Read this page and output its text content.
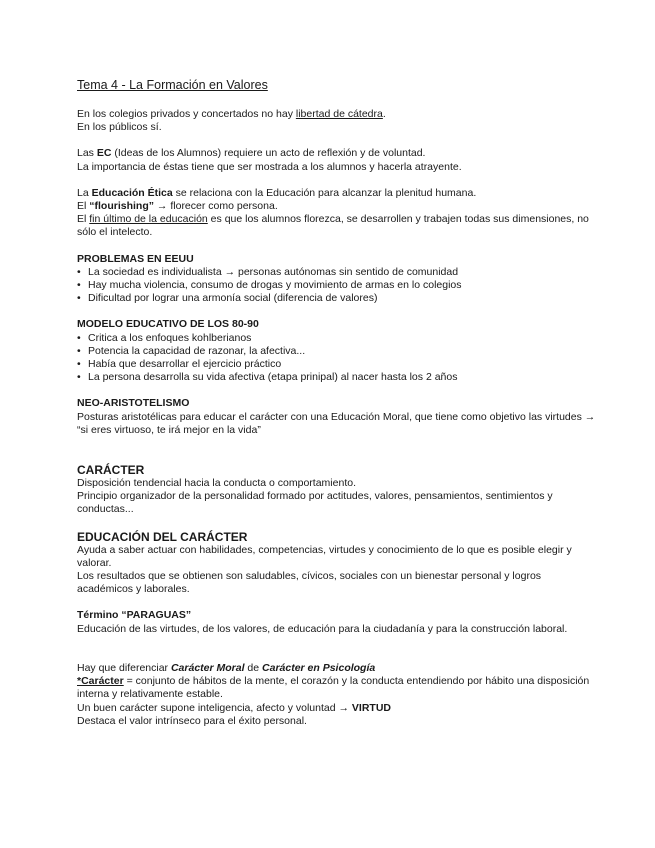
Tema 4 - La Formación en Valores

En los colegios privados y concertados no hay libertad de cátedra.

En los públicos sí.

Las EC (Ideas de los Alumnos) requiere un acto de reflexión y de voluntad.

La importancia de éstas tiene que ser mostrada a los alumnos y hacerla atrayente.

La Educación Ética se relaciona con la Educación para alcanzar la plenitud humana.

El “flourishing” → florecer como persona.

El fin último de la educación es que los alumnos florezca, se desarrollen y trabajen todas sus dimensiones, no sólo el intelecto.

PROBLEMAS EN EEUU

• La sociedad es individualista → personas autónomas sin sentido de comunidad
• Hay mucha violencia, consumo de drogas y movimiento de armas en lo colegios
• Dificultad por lograr una armonía social (diferencia de valores)

MODELO EDUCATIVO DE LOS 80-90

• Critica a los enfoques kohlberianos
• Potencia la capacidad de razonar, la afectiva...
• Había que desarrollar el ejercicio práctico
• La persona desarrolla su vida afectiva (etapa prinipal) al nacer hasta los 2 años

NEO-ARISTOTELISMO

Posturas aristotélicas para educar el carácter con una Educación Moral, que tiene como objetivo las virtudes → “si eres virtuoso, te irá mejor en la vida”

CARÁCTER

Disposición tendencial hacia la conducta o comportamiento.

Principio organizador de la personalidad formado por actitudes, valores, pensamientos, sentimientos y conductas...

EDUCACIÓN DEL CARÁCTER

Ayuda a saber actuar con habilidades, competencias, virtudes y conocimiento de lo que es posible elegir y valorar.

Los resultados que se obtienen son saludables, cívicos, sociales con un bienestar personal y logros académicos y laborales.

Término “PARAGUAS”

Educación de las virtudes, de los valores, de educación para la ciudadanía y para la construcción laboral.

Hay que diferenciar Carácter Moral de Carácter en Psicología

*Carácter = conjunto de hábitos de la mente, el corazón y la conducta entendiendo por hábito una disposición interna y relativamente estable.

Un buen carácter supone inteligencia, afecto y voluntad → VIRTUD

Destaca el valor intrínseco para el éxito personal.
